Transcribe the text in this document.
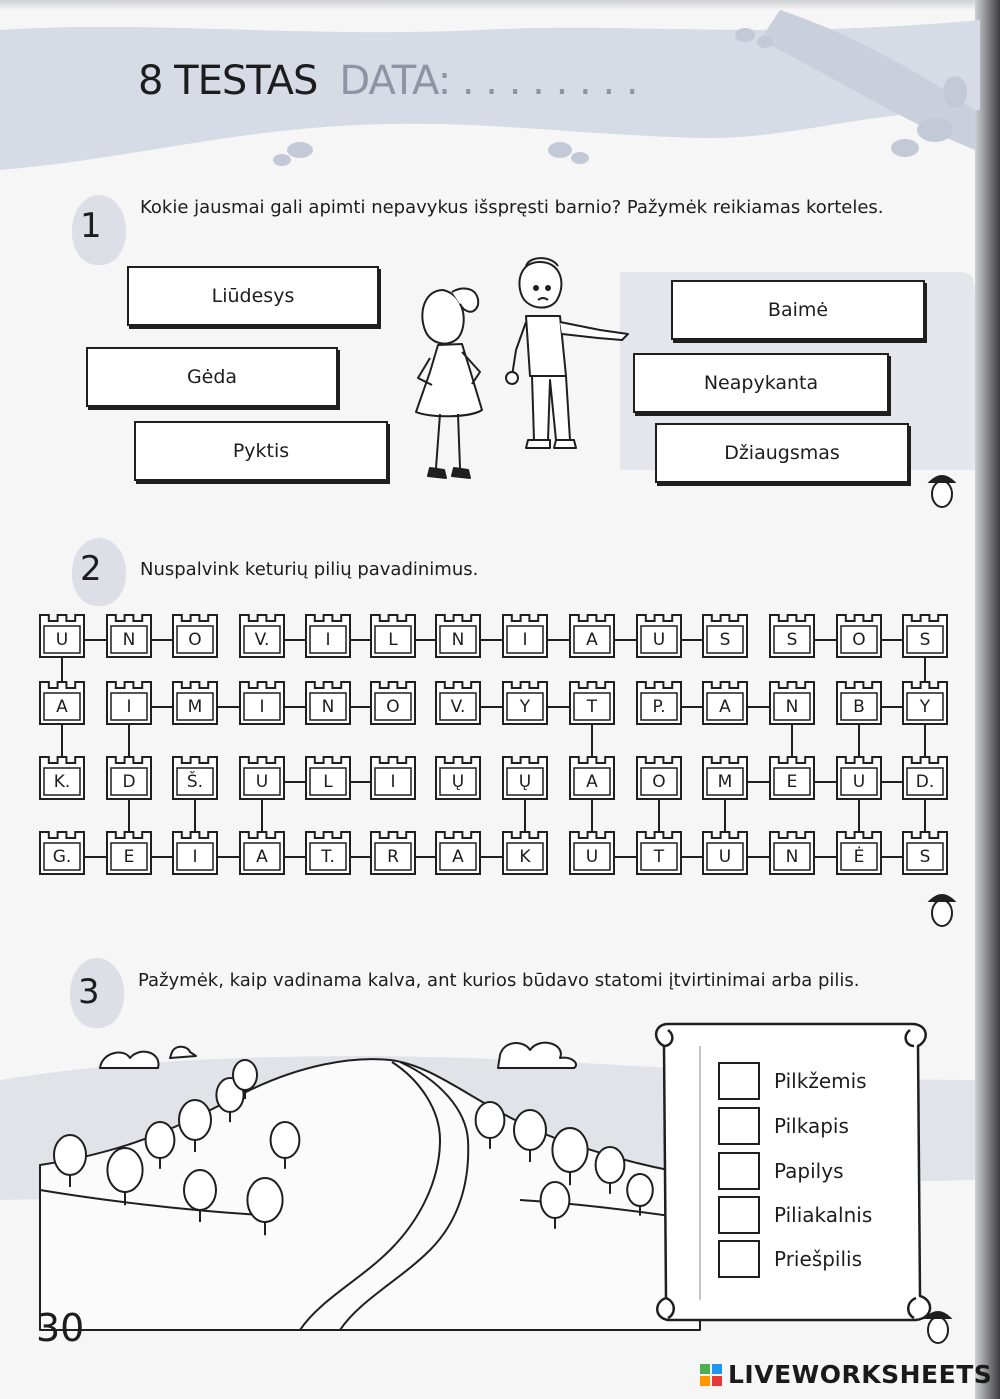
8 TESTAS DATA: . . . . . . . .
1 Kokie jausmai gali apimti nepavykus išspręsti barnio? Pažymėk reikiamas korteles.
Liūdesys
Gėda
Pyktis
Baimė
Neapykanta
Džiaugsmas
2 Nuspalvink keturių pilių pavadinimus.
U	N	O	V.	I	L	N	I	A	U	S	S	O	S
A	I	M	I	N	O	V.	Y	T	P.	A	N	B	Y
K.	D	Š.	U	L	I	Ų	Ų	A	O	M	E	U	D.
G.	E	I	A	T.	R	A	K	U	T	U	N	Ė	S
3 Pažymėk, kaip vadinama kalva, ant kurios būdavo statomi įtvirtinimai arba pilis.
Pilkžemis
Pilkapis
Papilys
Piliakalnis
Priešpilis
30
LIVEWORKSHEETS
